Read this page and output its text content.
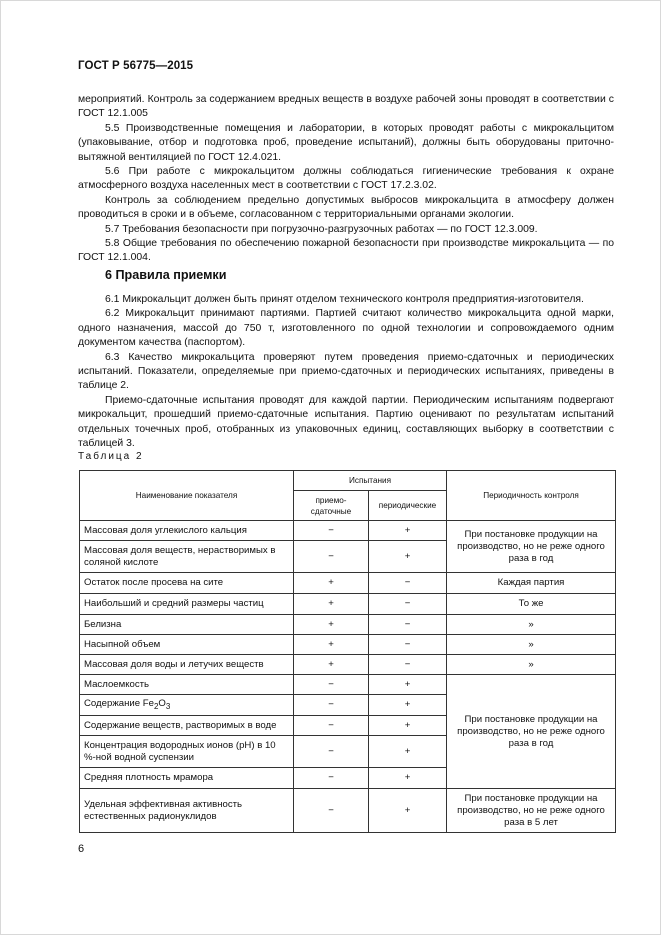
ГОСТ Р 56775—2015

мероприятий. Контроль за содержанием вредных веществ в воздухе рабочей зоны проводят в соответствии с ГОСТ 12.1.005

5.5 Производственные помещения и лаборатории, в которых проводят работы с микрокальцитом (упаковывание, отбор и подготовка проб, проведение испытаний), должны быть оборудованы приточно-вытяжной вентиляцией по ГОСТ 12.4.021.

5.6 При работе с микрокальцитом должны соблюдаться гигиенические требования к охране атмосферного воздуха населенных мест в соответствии с ГОСТ 17.2.3.02.

Контроль за соблюдением предельно допустимых выбросов микрокальцита в атмосферу должен проводиться в сроки и в объеме, согласованном с территориальными органами экологии.

5.7 Требования безопасности при погрузочно-разгрузочных работах — по ГОСТ 12.3.009.

5.8 Общие требования по обеспечению пожарной безопасности при производстве микрокальцита — по ГОСТ 12.1.004.

6 Правила приемки

6.1 Микрокальцит должен быть принят отделом технического контроля предприятия-изготовителя.

6.2 Микрокальцит принимают партиями. Партией считают количество микрокальцита одной марки, одного назначения, массой до 750 т, изготовленного по одной технологии и сопровождаемого одним документом качества (паспортом).

6.3 Качество микрокальцита проверяют путем проведения приемо-сдаточных и периодических испытаний. Показатели, определяемые при приемо-сдаточных и периодических испытаниях, приведены в таблице 2.

Приемо-сдаточные испытания проводят для каждой партии. Периодическим испытаниям подвергают микрокальцит, прошедший приемо-сдаточные испытания. Партию оценивают по результатам испытаний отдельных точечных проб, отобранных из упаковочных единиц, составляющих выборку в соответствии с таблицей 3.

Таблица 2
Наименование показателя	Испытания		Периодичность контроля
	приемо-сдаточные	периодические	
Массовая доля углекислого кальция	−	+	При постановке продукции на производство, но не реже одного раза в год
Массовая доля веществ, нерастворимых в соляной кислоте	−	+	
Остаток после просева на сите	+	−	Каждая партия
Наибольший и средний размеры частиц	+	−	То же
Белизна	+	−	»
Насыпной объем	+	−	»
Массовая доля воды и летучих веществ	+	−	»
Маслоемкость	−	+	При постановке продукции на производство, но не реже одного раза в год
Содержание $Fe_2O_3$	−	+	
Содержание веществ, растворимых в воде	−	+	
Концентрация водородных ионов (pH) в 10 %-ной водной суспензии	−	+	
Средняя плотность мрамора	−	+	
Удельная эффективная активность естественных радионуклидов	−	+	При постановке продукции на производство, но не реже одного раза в 5 лет
6
